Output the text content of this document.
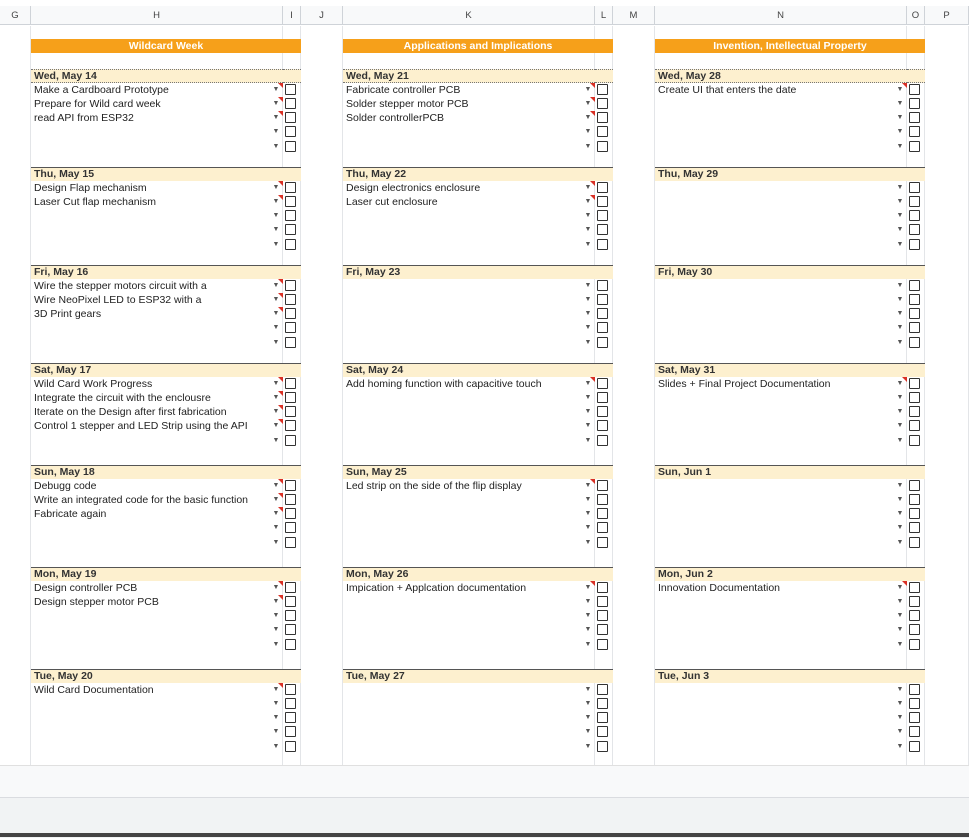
G	H	I	J	K	L	M	N	O	P
Wildcard Week
Wed, May 14
Make a Cardboard Prototype	▼
Prepare for Wild card week	▼
read API from ESP32	▼
▼
▼
Thu, May 15
Design Flap mechanism	▼
Laser Cut flap mechanism	▼
▼
▼
▼
Fri, May 16
Wire the stepper motors circuit with a	▼
Wire NeoPixel LED to ESP32 with a	▼
3D Print gears	▼
▼
▼
Sat, May 17
Wild Card Work Progress	▼
Integrate the circuit with the enclousre	▼
Iterate on the Design after first fabrication	▼
Control 1 stepper and LED Strip using the API	▼
▼
Sun, May 18
Debugg code	▼
Write an integrated code for the basic function	▼
Fabricate again	▼
▼
▼
Mon, May 19
Design controller PCB	▼
Design stepper motor PCB	▼
▼
▼
▼
Tue, May 20
Wild Card Documentation	▼
▼
▼
▼
▼
Applications and Implications
Wed, May 21
Fabricate controller PCB	▼
Solder stepper motor PCB	▼
Solder controllerPCB	▼
▼
▼
Thu, May 22
Design electronics enclosure	▼
Laser cut enclosure	▼
▼
▼
▼
Fri, May 23
▼
▼
▼
▼
▼
Sat, May 24
Add homing function with capacitive touch	▼
▼
▼
▼
▼
Sun, May 25
Led strip on the side of the flip display	▼
▼
▼
▼
▼
Mon, May 26
Impication + Applcation documentation	▼
▼
▼
▼
▼
Tue, May 27
▼
▼
▼
▼
▼
Invention, Intellectual Property
Wed, May 28
Create UI that enters the date	▼
▼
▼
▼
▼
Thu, May 29
▼
▼
▼
▼
▼
Fri, May 30
▼
▼
▼
▼
▼
Sat, May 31
Slides + Final Project Documentation	▼
▼
▼
▼
▼
Sun, Jun 1
▼
▼
▼
▼
▼
Mon, Jun 2
Innovation Documentation	▼
▼
▼
▼
▼
Tue, Jun 3
▼
▼
▼
▼
▼
